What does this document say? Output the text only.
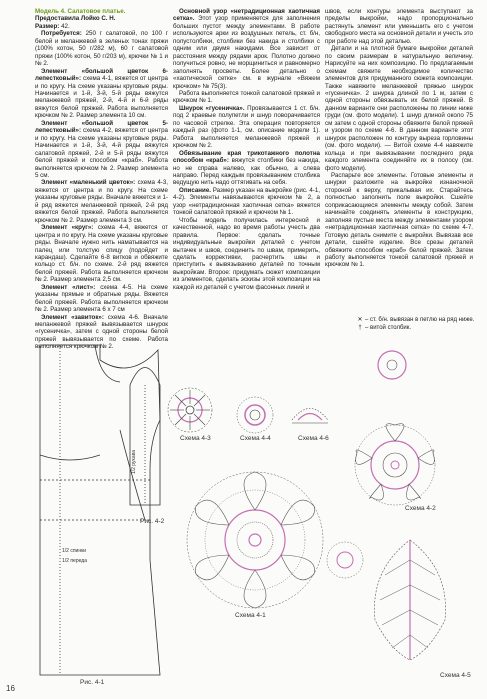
Модель 4. Салатовое платье.

Предоставила Лойко С. Н.

Размер: 42.

Потребуется: 250 г салатовой, по 100 г белой и меланжевой в зеленых тонах пряжи (100% котон, 50 г/282 м), 60 г салатовой пряжи (100% котон, 50 г/203 м), крючки № 1 и № 2.

Элемент «большой цветок 6-лепестковый»: схема 4-1, вяжется от центра и по кругу. На схеме указаны круговые ряды. Начинается и 1-й, 3-й, 5-й ряды вяжутся меланжевой пряжей, 2-й, 4-й и 6-й ряды вяжутся белой пряжей. Работа выполняется крючком № 2. Размер элемента 10 см.

Элемент «большой цветок 5-лепестковый»: схема 4-2, вяжется от центра и по кругу. На схеме указаны круговые ряды. Начинается и 1-й, 3-й, 4-й ряды вяжутся салатовой пряжей, 2-й и 5-й ряды вяжутся белой пряжей и способом «краб». Работа выполняется крючком № 2. Размер элемента 5 см.

Элемент «маленький цветок»: схема 4-3, вяжется от центра и по кругу. На схеме указаны круговые ряды. Вначале вяжется и 1-й ряд вяжется меланжевой пряжей, 2-й ряд вяжется белой пряжей. Работа выполняется крючком № 2. Размер элемента 3 см.

Элемент «круг»: схема 4-4, вяжется от центра и по кругу. На схеме указаны круговые ряды. Вначале нужно нить наматывается на палец или толстую спицу (подойдет и карандаш). Сделайте 6-8 витков и обвяжите кольцо ст. б/н. по схеме. 2-й ряд вяжется белой пряжей. Работа выполняется крючком № 2. Размер элемента 2,5 см.

Элемент «лист»: схема 4-5. На схеме указаны прямые и обратные ряды. Вяжется белой пряжей. Работа выполняется крючком № 2. Размер элемента 6 х 7 см

Элемент «завиток»: схема 4-6. Вначале меланжевой пряжей вывязывается шнурок «гусеничка», затем с одной стороны белой пряжей вывязывается по схеме. Работа выполняется крючком № 2.

Основной узор «нетрадиционная хаотичная сетка». Этот узор применяется для заполнения больших пустот между элементами. В работе используются арки из воздушных петель, ст. б/н, полустолбики, столбики без накида и столбики с одним или двумя накидами. Все зависит от расстояния между рядами арок. Полотно должно получиться ровно, не морщиниться и равномерно заполнять просветы. Более детально о «хаотической сетке» см. в журнале «Вяжем крючком» № 75(3).

Работа выполняется тонкой салатовой пряжей и крючком № 1.

Шнурок «гусеничка». Провязывается 1 ст. б/н. под 2 краевые полупетли и шнур поворачивается по часовой стрелке. Эта операция повторяется каждый раз (фото 1-1, см. описание модели 1). Работа выполняется меланжевой пряжей и крючком № 2.

Обвязывание края трикотажного полотна способом «краб»: вяжутся столбики без накида, но не справа налево, как обычно, а слева направо. Перед каждым провязыванием столбика ведущую нить надо оттягивать на себя.

Описание. Размер указан на выкройке (рис. 4-1, 4-2). Элементы навязываются крючком № 2, а узор «нетрадиционная хаотичная сетка» вяжется тонкой салатовой пряжей и крючком № 1.

Чтобы модель получилась интересной и качественной, надо во время работы учесть два правила. Первое: сделать точные индивидуальные выкройки деталей с учетом вытачек и швов, соединить по швам, примерить, сделать коррективки, расчертить швы и приступить к вывязыванию деталей по точным выкройкам. Второе: придумать сюжет композиции из элементов, сделать эскизы этой композиции на каждой из деталей с учетом фасонных линий и

швов, если контуры элемента выступают за пределы выкройки, надо пропорционально растянуть элемент или уменьшить его с учетом свободного места на основной детали и учесть это при работе над этой деталью.

Детали и на плотной бумаге выкройки деталей по своим размерам в натуральную величину. Нарисуйте на них композицию. По предлагаемым схемам свяжите необходимое количество элементов для придуманного сюжета композиции. Также навяжите меланжевой пряжью шнурок «гусеничка». 2 шнурка длиной по 1 м, затем с одной стороны обвязывать их белой пряжей. В данном варианте они расположены по линии ниже груди (см. фото модели). 1 шнур длиной около 75 см затем с одной стороны обвяжите белой пряжей и узором по схеме 4-6. В данном варианте этот шнурок расположен по контуру выреза горловины (см. фото модели). — Витой схеме 4-4 навяжите кольца и при вывязывании последнего ряда каждого элемента соединяйте их в полосу (см. фото модели).

Распарьте все элементы. Готовые элементы и шнурки разложите на выкройке изнаночной стороной к верху, прикалывая их. Старайтесь полностью заполнить поле выкройки. Сшейте соприкасающиеся элементы между собой. Затем начинайте соединять элементы в конструкцию, заполняя пустые места между элементами узором «нетрадиционная хаотичная сетка» по схеме 4-7. Готовую деталь снимите с выкройки. Вывязав все детали, сшейте изделие. Все срезы деталей обвяжите способом «краб» белой пряжей. Затем работу выполняется тонкой салатовой пряжей и крючком № 1.

✕ – ст. б/н. вывязан в петлю на ряд ниже.
† – витой столбик.
Схема 4-3	Схема 4-4	Схема 4-6
Схема 4-1
Схема 4-2
Схема 4-5
Рис. 4-1
Рис. 4-2
1/2 спинки
1/2 переда
1/2 рукава
16
